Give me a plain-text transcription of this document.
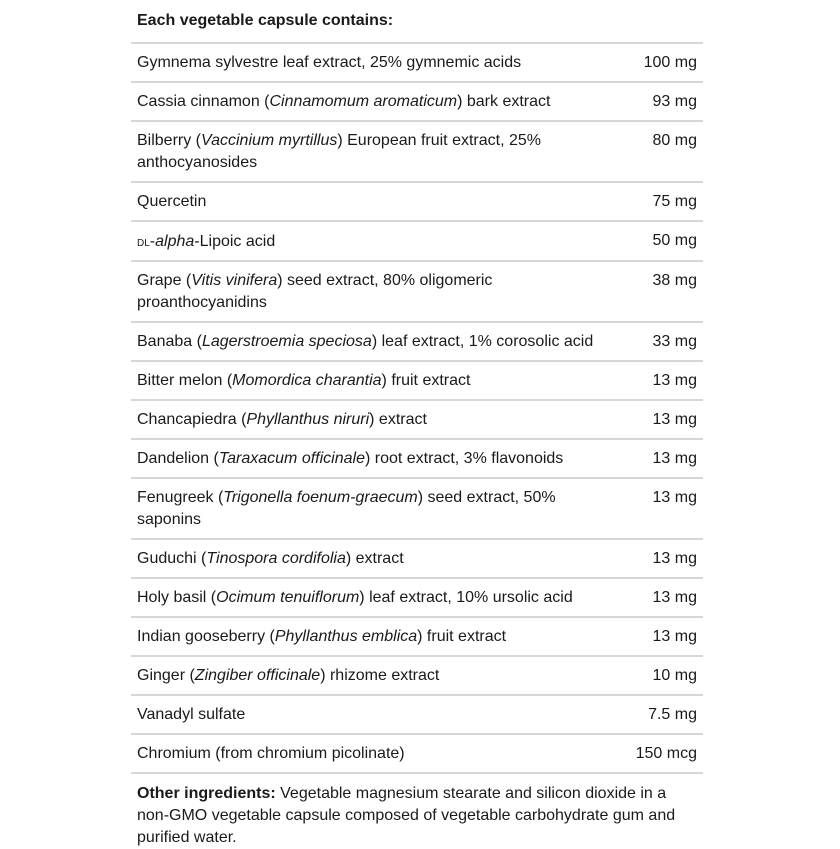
Each vegetable capsule contains:
Gymnema sylvestre leaf extract, 25% gymnemic acids	100 mg
Cassia cinnamon (Cinnamomum aromaticum) bark extract	93 mg
Bilberry (Vaccinium myrtillus) European fruit extract, 25% anthocyanosides	80 mg
Quercetin	75 mg
dl-alpha-Lipoic acid	50 mg
Grape (Vitis vinifera) seed extract, 80% oligomeric proanthocyanidins	38 mg
Banaba (Lagerstroemia speciosa) leaf extract, 1% corosolic acid	33 mg
Bitter melon (Momordica charantia) fruit extract	13 mg
Chancapiedra (Phyllanthus niruri) extract	13 mg
Dandelion (Taraxacum officinale) root extract, 3% flavonoids	13 mg
Fenugreek (Trigonella foenum-graecum) seed extract, 50% saponins	13 mg
Guduchi (Tinospora cordifolia) extract	13 mg
Holy basil (Ocimum tenuiflorum) leaf extract, 10% ursolic acid	13 mg
Indian gooseberry (Phyllanthus emblica) fruit extract	13 mg
Ginger (Zingiber officinale) rhizome extract	10 mg
Vanadyl sulfate	7.5 mg
Chromium (from chromium picolinate)	150 mcg
Other ingredients: Vegetable magnesium stearate and silicon dioxide in a non-GMO vegetable capsule composed of vegetable carbohydrate gum and purified water.
